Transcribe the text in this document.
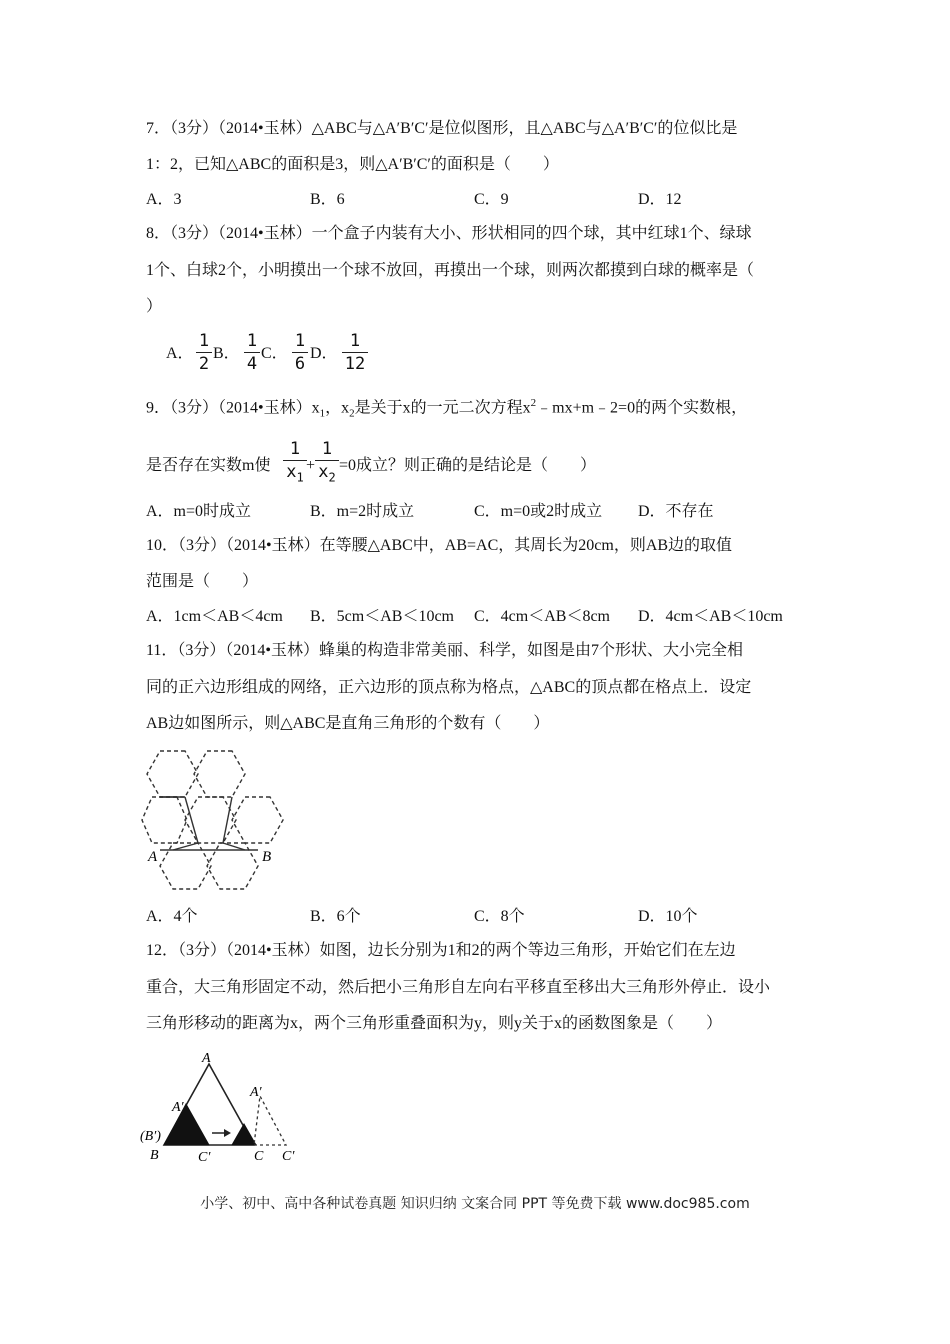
7．（3分）（2014•玉林）△ABC与△A′B′C′是位似图形，且△ABC与△A′B′C′的位似比是
1：2，已知△ABC的面积是3，则△A′B′C′的面积是（　　）
A．3	B．6	C．9	D．12
8．（3分）（2014•玉林）一个盒子内装有大小、形状相同的四个球，其中红球1个、绿球
1个、白球2个，小明摸出一个球不放回，再摸出一个球，则两次都摸到白球的概率是（
）
A．
1
2
B．
1
4
C．
1
6
D．
1
12
9．（3分）（2014•玉林）$x_1$，$x_2$是关于x的一元二次方程$x^2﹣mx+m﹣2=0$的两个实数根，
是否存在实数m使
1
$x_1$
+
1
$x_2$
=0成立？则正确的是结论是（　　）
A．m=0时成立	B．m=2时成立	C．m=0或2时成立 D．不存在
10．（3分）（2014•玉林）在等腰△ABC中，AB=AC，其周长为20cm，则AB边的取值
范围是（　　）
A．1cm＜AB＜4cm B．5cm＜AB＜10cm C．4cm＜AB＜8cm D．4cm＜AB＜10cm
11．（3分）（2014•玉林）蜂巢的构造非常美丽、科学，如图是由7个形状、大小完全相
同的正六边形组成的网络，正六边形的顶点称为格点，△ABC的顶点都在格点上．设定
AB边如图所示，则△ABC是直角三角形的个数有（　　）
A	B
A．4个	B．6个	C．8个	D．10个
12．（3分）（2014•玉林）如图，边长分别为1和2的两个等边三角形，开始它们在左边
重合，大三角形固定不动，然后把小三角形自左向右平移直至移出大三角形外停止．设小
三角形移动的距离为x，两个三角形重叠面积为y，则y关于x的函数图象是（　　）
A
A′
A′
(B′)
B	C′	C C′
小学、初中、高中各种试卷真题 知识归纳 文案合同 PPT 等免费下载 www.doc985.com
